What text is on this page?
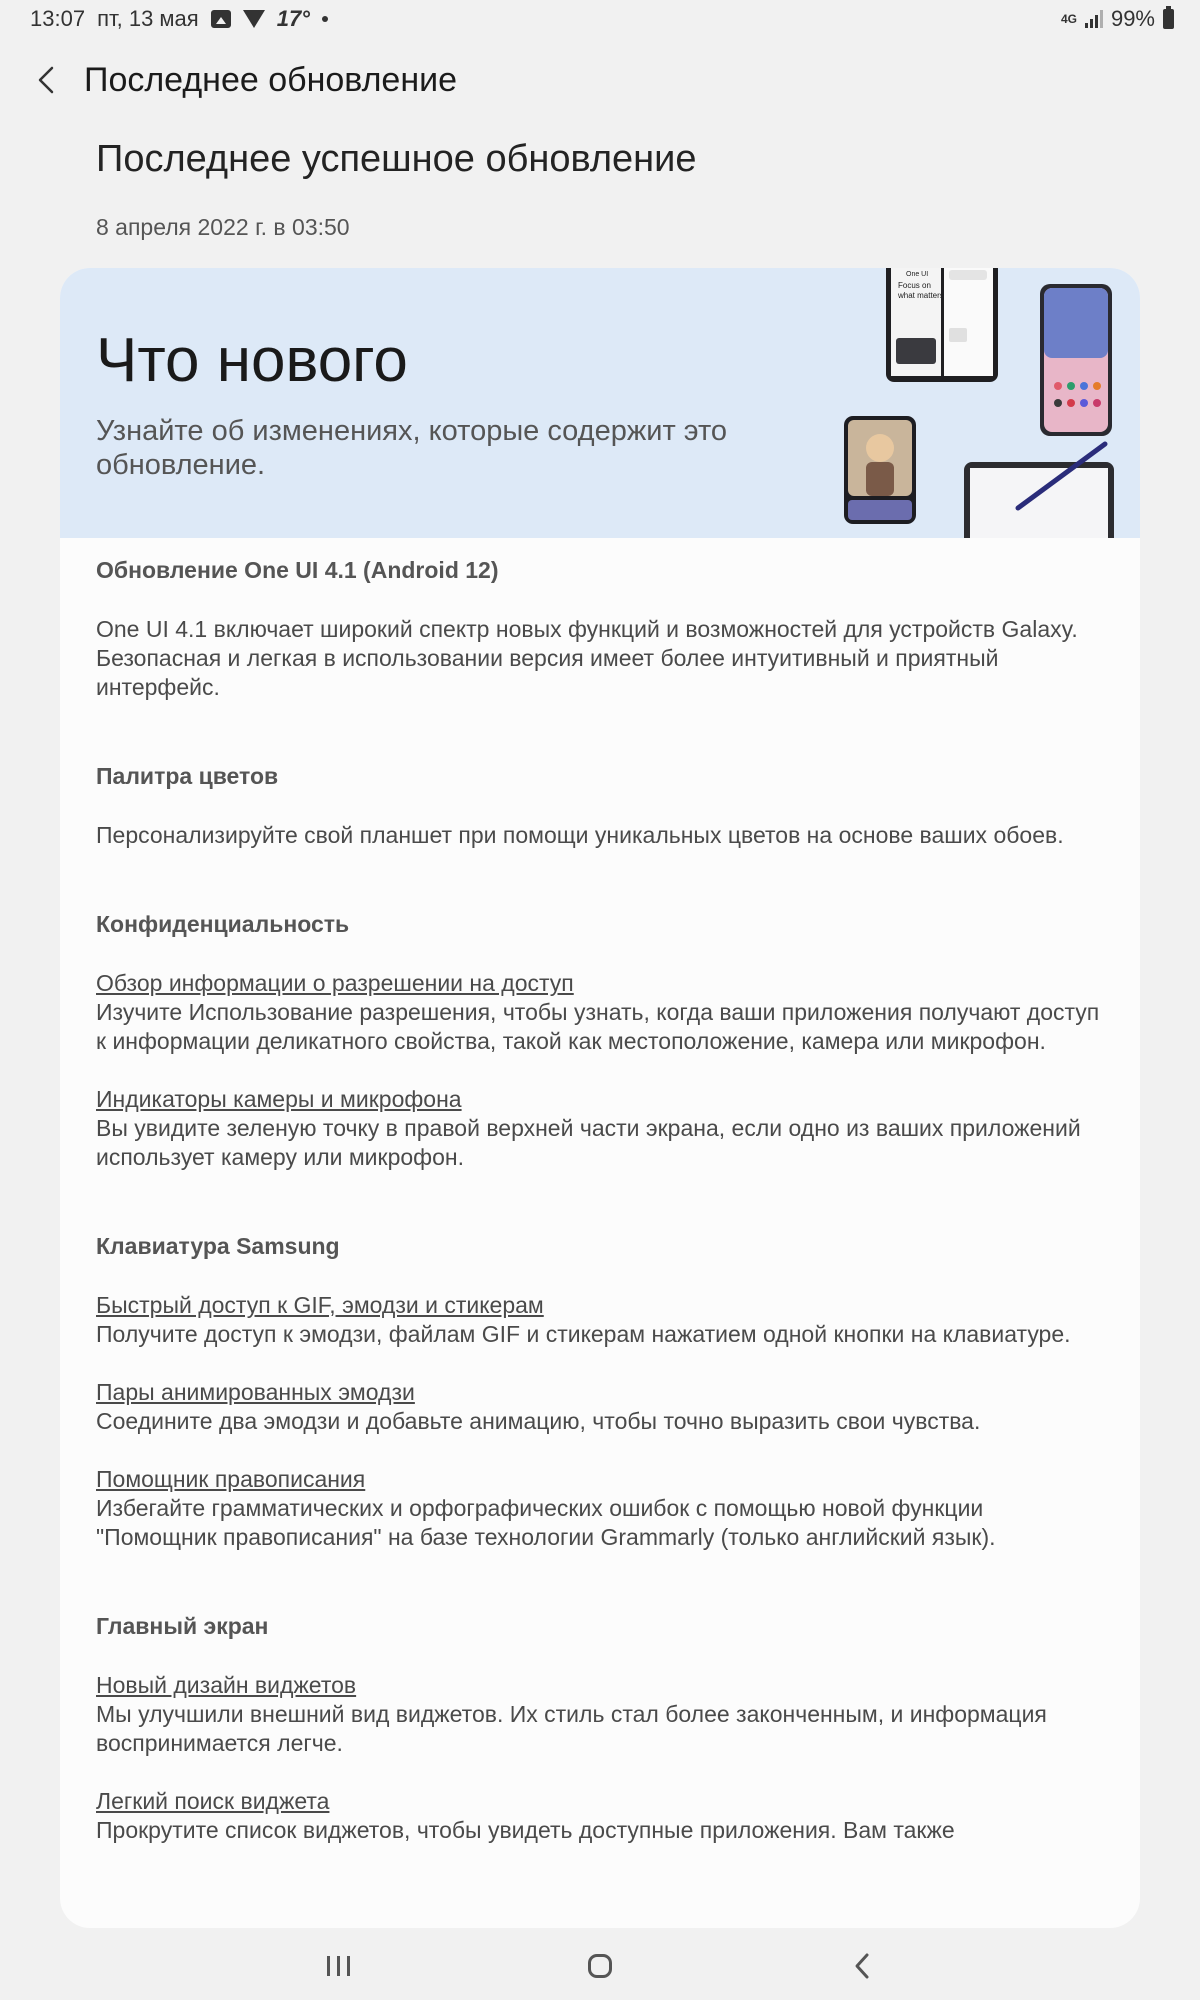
13:07 пт, 13 мая	17°	4G 99%
Последнее обновление
Последнее успешное обновление
8 апреля 2022 г. в 03:50
Что нового
Узнайте об изменениях, которые содержит это обновление.
One UI
Focus on
what matters
Обновление One UI 4.1 (Android 12)

One UI 4.1 включает широкий спектр новых функций и возможностей для устройств Galaxy. Безопасная и легкая в использовании версия имеет более интуитивный и приятный интерфейс.

Палитра цветов

Персонализируйте свой планшет при помощи уникальных цветов на основе ваших обоев.

Конфиденциальность
Обзор информации о разрешении на доступ

Изучите Использование разрешения, чтобы узнать, когда ваши приложения получают доступ к информации деликатного свойства, такой как местоположение, камера или микрофон.

Индикаторы камеры и микрофона

Вы увидите зеленую точку в правой верхней части экрана, если одно из ваших приложений использует камеру или микрофон.

Клавиатура Samsung
Быстрый доступ к GIF, эмодзи и стикерам

Получите доступ к эмодзи, файлам GIF и стикерам нажатием одной кнопки на клавиатуре.

Пары анимированных эмодзи

Соедините два эмодзи и добавьте анимацию, чтобы точно выразить свои чувства.

Помощник правописания

Избегайте грамматических и орфографических ошибок с помощью новой функции "Помощник правописания" на базе технологии Grammarly (только английский язык).

Главный экран
Новый дизайн виджетов

Мы улучшили внешний вид виджетов. Их стиль стал более законченным, и информация воспринимается легче.

Легкий поиск виджета

Прокрутите список виджетов, чтобы увидеть доступные приложения. Вам также
